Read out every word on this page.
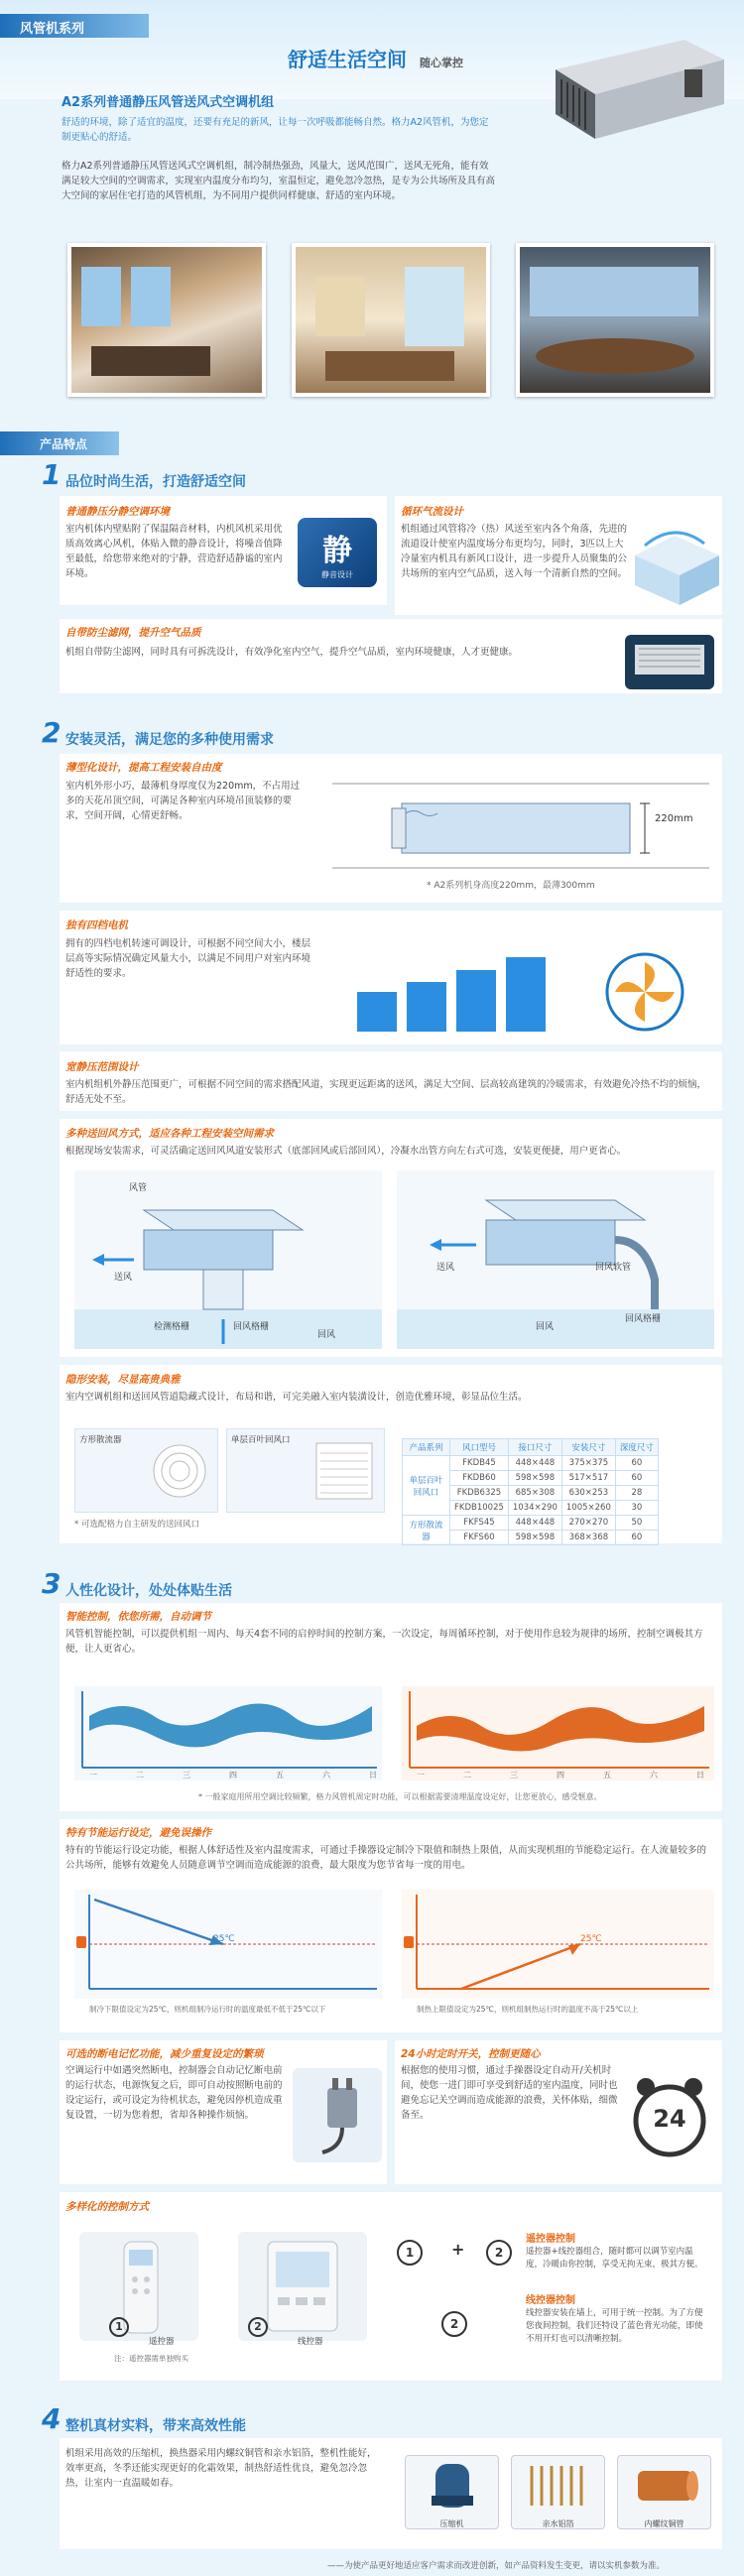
风管机系列
舒适生活空间 随心掌控
A2系列普通静压风管送风式空调机组
舒适的环境，除了适宜的温度，还要有充足的新风，让每一次呼吸都能畅自然。格力A2风管机，为您定制更贴心的舒适。
格力A2系列普通静压风管送风式空调机组，制冷制热强劲，风量大，送风范围广，送风无死角，能有效满足较大空间的空调需求，实现室内温度分布均匀，室温恒定，避免忽冷忽热，是专为公共场所及具有高大空间的家居住宅打造的风管机组，为不同用户提供同样健康、舒适的室内环境。
产品特点
1 品位时尚生活，打造舒适空间
普通静压分静空调环境
室内机体内壁贴附了保温隔音材料，内机风机采用优质高效离心风机，体贴入微的静音设计，将噪音值降至最低，给您带来绝对的宁静，营造舒适静谧的室内环境。
静
静音设计
循环气流设计
机组通过风管将冷（热）风送至室内各个角落，先进的流道设计使室内温度场分布更均匀，同时，3匹以上大冷量室内机具有新风口设计，进一步提升人员聚集的公共场所的室内空气品质，送入每一个清新自然的空间。
自带防尘滤网，提升空气品质
机组自带防尘滤网，同时具有可拆洗设计，有效净化室内空气，提升空气品质，室内环境健康，人才更健康。
2 安装灵活，满足您的多种使用需求
薄型化设计，提高工程安装自由度
室内机外形小巧，最薄机身厚度仅为220mm，不占用过多的天花吊顶空间，可满足各种室内环境吊顶装修的要求，空间开阔，心情更舒畅。	220mm
* A2系列机身高度220mm，最薄300mm
独有四档电机
拥有的四档电机转速可调设计，可根据不同空间大小，楼层层高等实际情况确定风量大小，以满足不同用户对室内环境舒适性的要求。
宽静压范围设计
室内机组机外静压范围更广，可根据不同空间的需求搭配风道，实现更远距离的送风，满足大空间、层高较高建筑的冷暖需求，有效避免冷热不均的烦恼，舒适无处不至。
多种送回风方式，适应各种工程安装空间需求
根据现场安装需求，可灵活确定送回风风道安装形式（底部回风或后部回风），冷凝水出管方向左右式可选，安装更便捷，用户更省心。
风管
送风
检测格栅	回风格栅
回风
送风	回风软管
回风
回风格栅
隐形安装，尽显高贵典雅
室内空调机组和送回风管道隐藏式设计，布局和谐，可完美融入室内装潢设计，创造优雅环境，彰显品位生活。
方形散流器	单层百叶回风口
* 可选配格力自主研发的送回风口
产品系列	风口型号	接口尺寸	安装尺寸	深度尺寸
单层百叶回风口	FKDB45	448×448	375×375	60
	FKDB60	598×598	517×517	60
	FKDB6325	685×308	630×253	28
	FKDB10025	1034×290	1005×260	30
方形散流器	FKFS45	448×448	270×270	50
	FKFS60	598×598	368×368	60
3 人性化设计，处处体贴生活
智能控制，依您所需，自动调节
风管机智能控制，可以提供机组一周内、每天4套不同的启停时间的控制方案，一次设定，每周循环控制，对于使用作息较为规律的场所，控制空调极其方便，让人更省心。
一	二	三	四	五	六	日	一	二	三	四	五	六	日
* 一般家庭用所用空调比较频繁，格力风管机周定时功能，可以根据需要清理温度设定好，让您更放心，感受惬意。
特有节能运行设定，避免误操作
特有的节能运行设定功能，根据人体舒适性及室内温度需求，可通过手操器设定制冷下限值和制热上限值，从而实现机组的节能稳定运行。在人流量较多的公共场所，能够有效避免人员随意调节空调而造成能源的浪费，最大限度为您节省每一度的用电。
25℃
制冷下限值设定为25℃，则机组制冷运行时的温度最低不低于25℃以下
25℃
制热上限值设定为25℃，则机组制热运行时的温度不高于25℃以上
可选的断电记忆功能，减少重复设定的繁琐
空调运行中如遇突然断电，控制器会自动记忆断电前的运行状态，电源恢复之后，即可自动按照断电前的设定运行，或可设定为待机状态，避免因停机造成重复设置，一切为您着想，省却各种操作烦恼。
24小时定时开关，控制更随心
根据您的使用习惯，通过手操器设定自动开/关机时间，使您一进门即可享受到舒适的室内温度，同时也避免忘记关空调而造成能源的浪费，关怀体贴，细微备至。	24
多样化的控制方式
1
遥控器
2
线控器
注：遥控器需单独购买
1	+	2
2
遥控器控制
遥控器+线控器组合，随时都可以调节室内温度，冷暖由你控制，享受无拘无束，极其方便。
线控器控制
线控器安装在墙上，可用于统一控制。为了方便您夜间控制，我们还特设了蓝色背光功能，即使不用开灯也可以清晰控制。
4 整机真材实料，带来高效性能
机组采用高效的压缩机，换热器采用内螺纹铜管和亲水铝箔，整机性能好，效率更高，冬季还能实现更好的化霜效果，制热舒适性优良，避免忽冷忽热，让室内一直温暖如春。
压缩机	亲水铝箔	内螺纹铜管
——为使产品更好地适应客户需求而改进创新，如产品资料发生变更，请以实机参数为准。
